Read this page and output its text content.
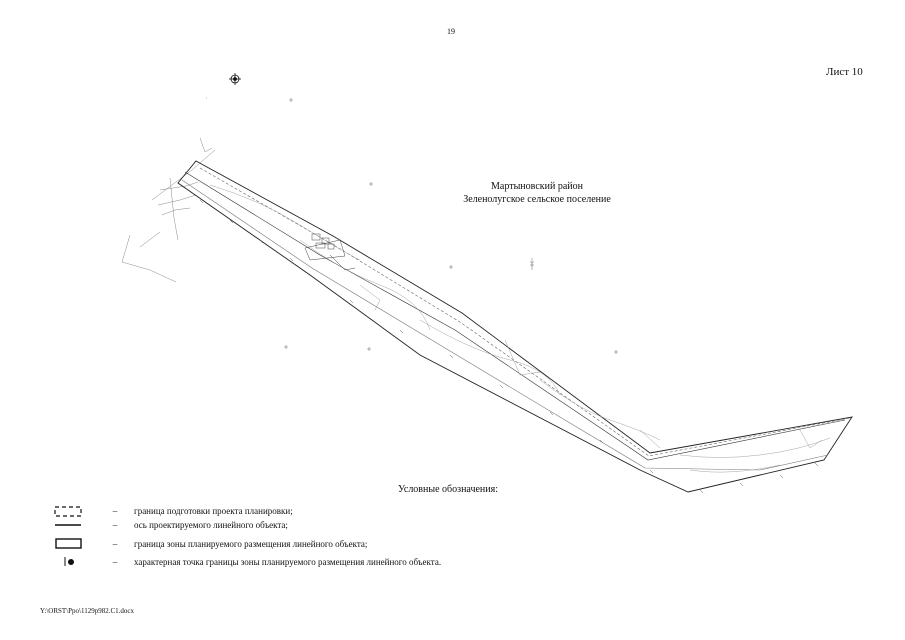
19
Лист 10
Мартыновский район
Зеленолугское сельское поселение
Условные обозначения:
–	граница подготовки проекта планировки;
–	ось проектируемого линейного объекта;
–	граница зоны планируемого размещения линейного объекта;
–	характерная точка границы зоны планируемого размещения линейного объекта.
Y:\ORST\Ppo\1129p982.C1.docx
